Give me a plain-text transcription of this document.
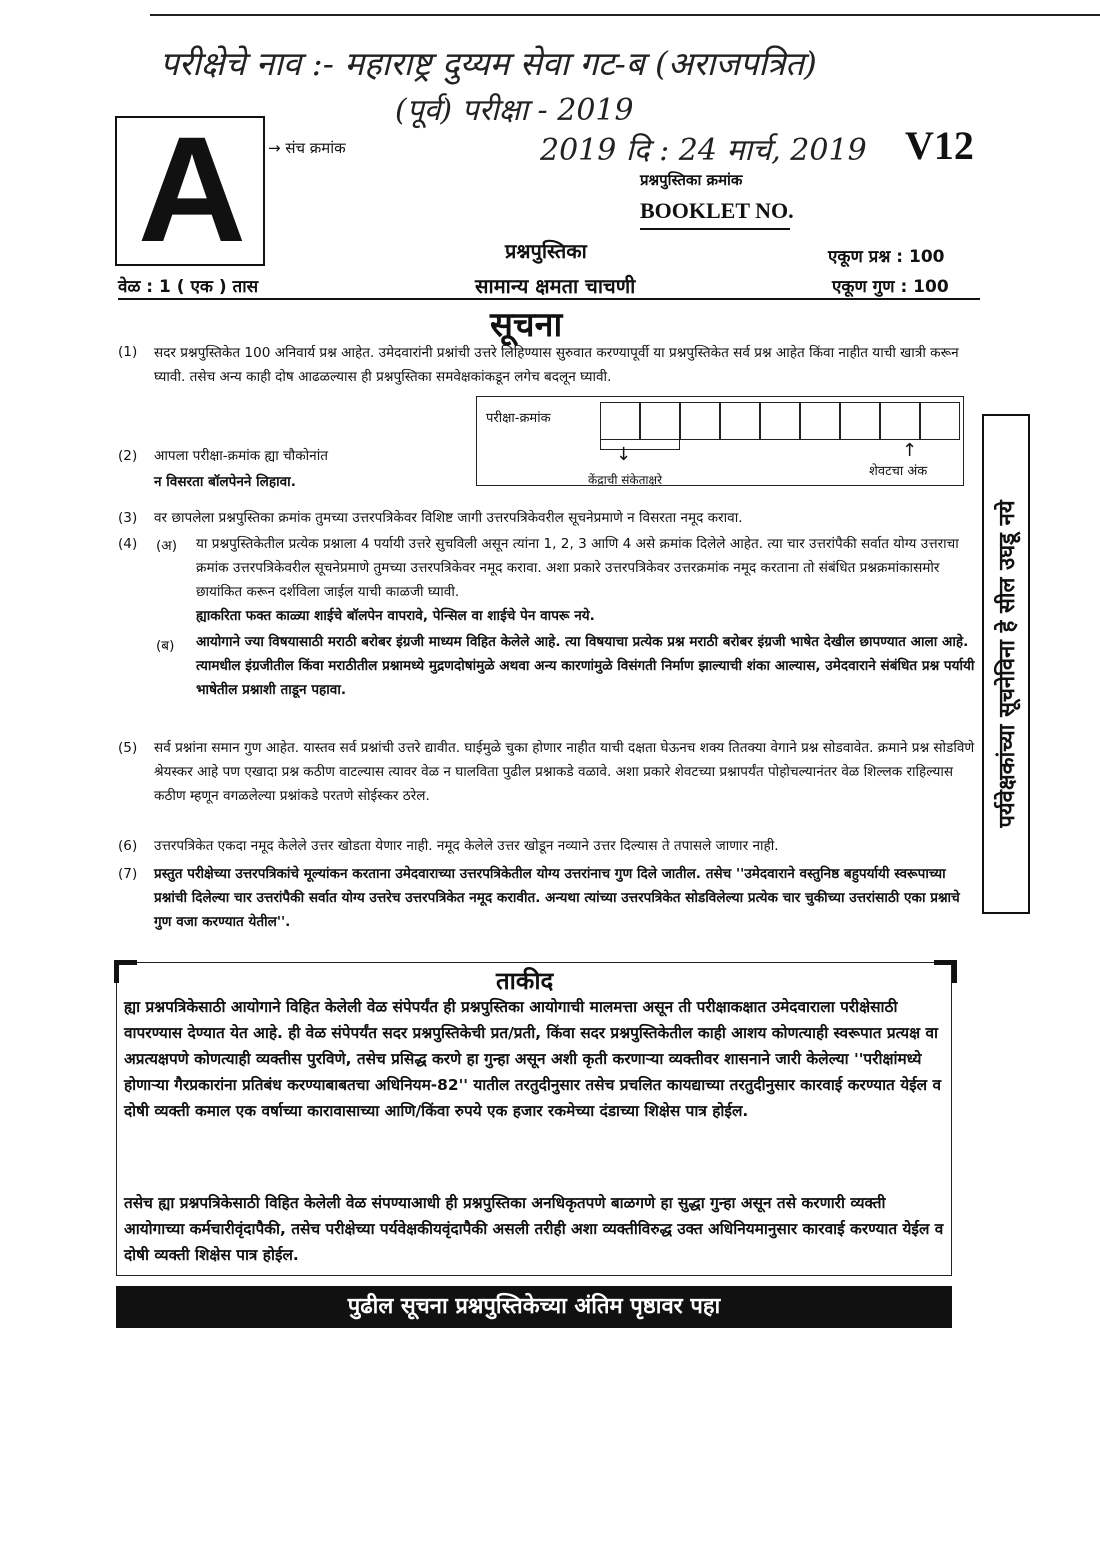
परीक्षेचे नाव :- महाराष्ट्र दुय्यम सेवा गट-ब (अराजपत्रित)
(पूर्व) परीक्षा - 2019
A	→ संच क्रमांक	2019 दि : 24 मार्च, 2019 V12
प्रश्नपुस्तिका क्रमांक
BOOKLET NO.
प्रश्नपुस्तिका	एकूण प्रश्न : 100
वेळ : 1 ( एक ) तास	सामान्य क्षमता चाचणी	एकूण गुण : 100
सूचना
(1) सदर प्रश्नपुस्तिकेत 100 अनिवार्य प्रश्न आहेत. उमेदवारांनी प्रश्नांची उत्तरे लिहिण्यास सुरुवात करण्यापूर्वी या प्रश्नपुस्तिकेत सर्व प्रश्न आहेत किंवा नाहीत याची खात्री करून घ्यावी. तसेच अन्य काही दोष आढळल्यास ही प्रश्नपुस्तिका समवेक्षकांकडून लगेच बदलून घ्यावी.
परीक्षा-क्रमांक
↓	↑
केंद्राची संकेताक्षरे
शेवटचा अंक
(2) आपला परीक्षा-क्रमांक ह्या चौकोनांत
न विसरता बॉलपेनने लिहावा.
(3) वर छापलेला प्रश्नपुस्तिका क्रमांक तुमच्या उत्तरपत्रिकेवर विशिष्ट जागी उत्तरपत्रिकेवरील सूचनेप्रमाणे न विसरता नमूद करावा.
(4) (अ) या प्रश्नपुस्तिकेतील प्रत्येक प्रश्नाला 4 पर्यायी उत्तरे सुचविली असून त्यांना 1, 2, 3 आणि 4 असे क्रमांक दिलेले आहेत. त्या चार उत्तरांपैकी सर्वात योग्य उत्तराचा क्रमांक उत्तरपत्रिकेवरील सूचनेप्रमाणे तुमच्या उत्तरपत्रिकेवर नमूद करावा. अशा प्रकारे उत्तरपत्रिकेवर उत्तरक्रमांक नमूद करताना तो संबंधित प्रश्नक्रमांकासमोर छायांकित करून दर्शविला जाईल याची काळजी घ्यावी.
ह्याकरिता फक्त काळ्या शाईचे बॉलपेन वापरावे, पेन्सिल वा शाईचे पेन वापरू नये.
(ब) आयोगाने ज्या विषयासाठी मराठी बरोबर इंग्रजी माध्यम विहित केलेले आहे. त्या विषयाचा प्रत्येक प्रश्न मराठी बरोबर इंग्रजी भाषेत देखील छापण्यात आला आहे. त्यामधील इंग्रजीतील किंवा मराठीतील प्रश्नामध्ये मुद्रणदोषांमुळे अथवा अन्य कारणांमुळे विसंगती निर्माण झाल्याची शंका आल्यास, उमेदवाराने संबंधित प्रश्न पर्यायी भाषेतील प्रश्नाशी ताडून पहावा.
(5) सर्व प्रश्नांना समान गुण आहेत. यास्तव सर्व प्रश्नांची उत्तरे द्यावीत. घाईमुळे चुका होणार नाहीत याची दक्षता घेऊनच शक्य तितक्या वेगाने प्रश्न सोडवावेत. क्रमाने प्रश्न सोडविणे श्रेयस्कर आहे पण एखादा प्रश्न कठीण वाटल्यास त्यावर वेळ न घालविता पुढील प्रश्नाकडे वळावे. अशा प्रकारे शेवटच्या प्रश्नापर्यंत पोहोचल्यानंतर वेळ शिल्लक राहिल्यास कठीण म्हणून वगळलेल्या प्रश्नांकडे परतणे सोईस्कर ठरेल.
(6) उत्तरपत्रिकेत एकदा नमूद केलेले उत्तर खोडता येणार नाही. नमूद केलेले उत्तर खोडून नव्याने उत्तर दिल्यास ते तपासले जाणार नाही.
(7) प्रस्तुत परीक्षेच्या उत्तरपत्रिकांचे मूल्यांकन करताना उमेदवाराच्या उत्तरपत्रिकेतील योग्य उत्तरांनाच गुण दिले जातील. तसेच ''उमेदवाराने वस्तुनिष्ठ बहुपर्यायी स्वरूपाच्या प्रश्नांची दिलेल्या चार उत्तरांपैकी सर्वात योग्य उत्तरेच उत्तरपत्रिकेत नमूद करावीत. अन्यथा त्यांच्या उत्तरपत्रिकेत सोडविलेल्या प्रत्येक चार चुकीच्या उत्तरांसाठी एका प्रश्नाचे गुण वजा करण्यात येतील''.
पर्यवेक्षकांच्या सूचनेविना हे सील उघडू नये
ताकीद
ह्या प्रश्नपत्रिकेसाठी आयोगाने विहित केलेली वेळ संपेपर्यंत ही प्रश्नपुस्तिका आयोगाची मालमत्ता असून ती परीक्षाकक्षात उमेदवाराला परीक्षेसाठी वापरण्यास देण्यात येत आहे. ही वेळ संपेपर्यंत सदर प्रश्नपुस्तिकेची प्रत/प्रती, किंवा सदर प्रश्नपुस्तिकेतील काही आशय कोणत्याही स्वरूपात प्रत्यक्ष वा अप्रत्यक्षपणे कोणत्याही व्यक्तीस पुरविणे, तसेच प्रसिद्ध करणे हा गुन्हा असून अशी कृती करणाऱ्या व्यक्तीवर शासनाने जारी केलेल्या ''परीक्षांमध्ये होणाऱ्या गैरप्रकारांना प्रतिबंध करण्याबाबतचा अधिनियम-82'' यातील तरतुदीनुसार तसेच प्रचलित कायद्याच्या तरतुदीनुसार कारवाई करण्यात येईल व दोषी व्यक्ती कमाल एक वर्षाच्या कारावासाच्या आणि/किंवा रुपये एक हजार रकमेच्या दंडाच्या शिक्षेस पात्र होईल.
तसेच ह्या प्रश्नपत्रिकेसाठी विहित केलेली वेळ संपण्याआधी ही प्रश्नपुस्तिका अनधिकृतपणे बाळगणे हा सुद्धा गुन्हा असून तसे करणारी व्यक्ती आयोगाच्या कर्मचारीवृंदापैकी, तसेच परीक्षेच्या पर्यवेक्षकीयवृंदापैकी असली तरीही अशा व्यक्तीविरुद्ध उक्त अधिनियमानुसार कारवाई करण्यात येईल व दोषी व्यक्ती शिक्षेस पात्र होईल.
पुढील सूचना प्रश्नपुस्तिकेच्या अंतिम पृष्ठावर पहा
